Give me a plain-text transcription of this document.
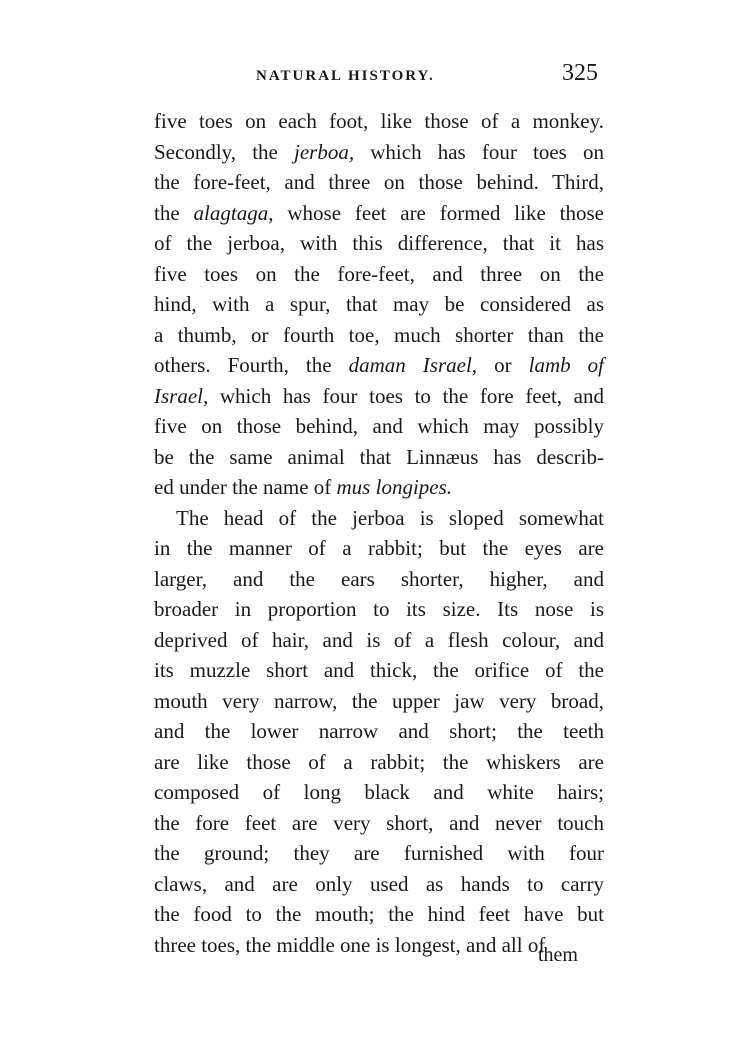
NATURAL HISTORY.	325
five toes on each foot, like those of a monkey.
Secondly, the jerboa, which has four toes on
the fore-feet, and three on those behind. Third,
the alagtaga, whose feet are formed like those
of the jerboa, with this difference, that it has
five toes on the fore-feet, and three on the
hind, with a spur, that may be considered as
a thumb, or fourth toe, much shorter than the
others. Fourth, the daman Israel, or lamb of
Israel, which has four toes to the fore feet, and
five on those behind, and which may possibly
be the same animal that Linnæus has describ-
ed under the name of mus longipes.
The head of the jerboa is sloped somewhat
in the manner of a rabbit; but the eyes are
larger, and the ears shorter, higher, and
broader in proportion to its size. Its nose is
deprived of hair, and is of a flesh colour, and
its muzzle short and thick, the orifice of the
mouth very narrow, the upper jaw very broad,
and the lower narrow and short; the teeth
are like those of a rabbit; the whiskers are
composed of long black and white hairs;
the fore feet are very short, and never touch
the ground; they are furnished with four
claws, and are only used as hands to carry
the food to the mouth; the hind feet have but
three toes, the middle one is longest, and all of
them
